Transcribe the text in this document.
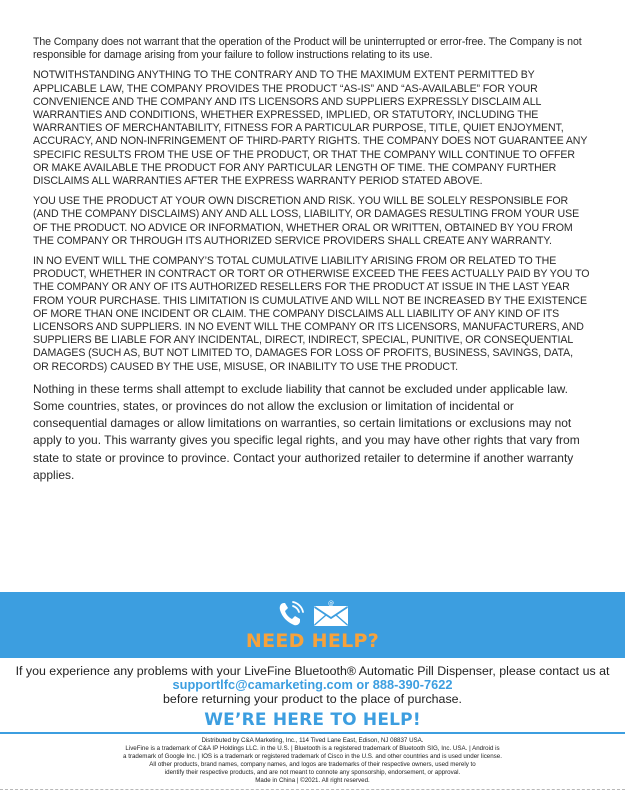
The Company does not warrant that the operation of the Product will be uninterrupted or error-free. The Company is not responsible for damage arising from your failure to follow instructions relating to its use.

NOTWITHSTANDING ANYTHING TO THE CONTRARY AND TO THE MAXIMUM EXTENT PERMITTED BY APPLICABLE LAW, THE COMPANY PROVIDES THE PRODUCT “AS-IS” AND “AS-AVAILABLE” FOR YOUR CONVENIENCE AND THE COMPANY AND ITS LICENSORS AND SUPPLIERS EXPRESSLY DISCLAIM ALL WARRANTIES AND CONDITIONS, WHETHER EXPRESSED, IMPLIED, OR STATUTORY, INCLUDING THE WARRANTIES OF MERCHANTABILITY, FITNESS FOR A PARTICULAR PURPOSE, TITLE, QUIET ENJOYMENT, ACCURACY, AND NON-INFRINGEMENT OF THIRD-PARTY RIGHTS. THE COMPANY DOES NOT GUARANTEE ANY SPECIFIC RESULTS FROM THE USE OF THE PRODUCT, OR THAT THE COMPANY WILL CONTINUE TO OFFER OR MAKE AVAILABLE THE PRODUCT FOR ANY PARTICULAR LENGTH OF TIME. THE COMPANY FURTHER DISCLAIMS ALL WARRANTIES AFTER THE EXPRESS WARRANTY PERIOD STATED ABOVE.

YOU USE THE PRODUCT AT YOUR OWN DISCRETION AND RISK. YOU WILL BE SOLELY RESPONSIBLE FOR (AND THE COMPANY DISCLAIMS) ANY AND ALL LOSS, LIABILITY, OR DAMAGES RESULTING FROM YOUR USE OF THE PRODUCT. NO ADVICE OR INFORMATION, WHETHER ORAL OR WRITTEN, OBTAINED BY YOU FROM THE COMPANY OR THROUGH ITS AUTHORIZED SERVICE PROVIDERS SHALL CREATE ANY WARRANTY.

IN NO EVENT WILL THE COMPANY’S TOTAL CUMULATIVE LIABILITY ARISING FROM OR RELATED TO THE PRODUCT, WHETHER IN CONTRACT OR TORT OR OTHERWISE EXCEED THE FEES ACTUALLY PAID BY YOU TO THE COMPANY OR ANY OF ITS AUTHORIZED RESELLERS FOR THE PRODUCT AT ISSUE IN THE LAST YEAR FROM YOUR PURCHASE. THIS LIMITATION IS CUMULATIVE AND WILL NOT BE INCREASED BY THE EXISTENCE OF MORE THAN ONE INCIDENT OR CLAIM. THE COMPANY DISCLAIMS ALL LIABILITY OF ANY KIND OF ITS LICENSORS AND SUPPLIERS. IN NO EVENT WILL THE COMPANY OR ITS LICENSORS, MANUFACTURERS, AND SUPPLIERS BE LIABLE FOR ANY INCIDENTAL, DIRECT, INDIRECT, SPECIAL, PUNITIVE, OR CONSEQUENTIAL DAMAGES (SUCH AS, BUT NOT LIMITED TO, DAMAGES FOR LOSS OF PROFITS, BUSINESS, SAVINGS, DATA, OR RECORDS) CAUSED BY THE USE, MISUSE, OR INABILITY TO USE THE PRODUCT.

Nothing in these terms shall attempt to exclude liability that cannot be excluded under applicable law. Some countries, states, or provinces do not allow the exclusion or limitation of incidental or consequential damages or allow limitations on warranties, so certain limitations or exclusions may not apply to you. This warranty gives you specific legal rights, and you may have other rights that vary from state to state or province to province. Contact your authorized retailer to determine if another warranty applies.

@
NEED HELP?
If you experience any problems with your LiveFine Bluetooth® Automatic Pill Dispenser, please contact us at
supportlfc@camarketing.com or 888-390-7622
before returning your product to the place of purchase.
WE’RE HERE TO HELP!
Distributed by C&A Marketing, Inc., 114 Tived Lane East, Edison, NJ 08837 USA.
LiveFine is a trademark of C&A IP Holdings LLC. in the U.S. | Bluetooth is a registered trademark of Bluetooth SIG, Inc. USA. | Android is
a trademark of Google Inc. | IOS is a trademark or registered trademark of Cisco in the U.S. and other countries and is used under license.
All other products, brand names, company names, and logos are trademarks of their respective owners, used merely to
identify their respective products, and are not meant to connote any sponsorship, endorsement, or approval.
Made in China | ©2021. All right reserved.
